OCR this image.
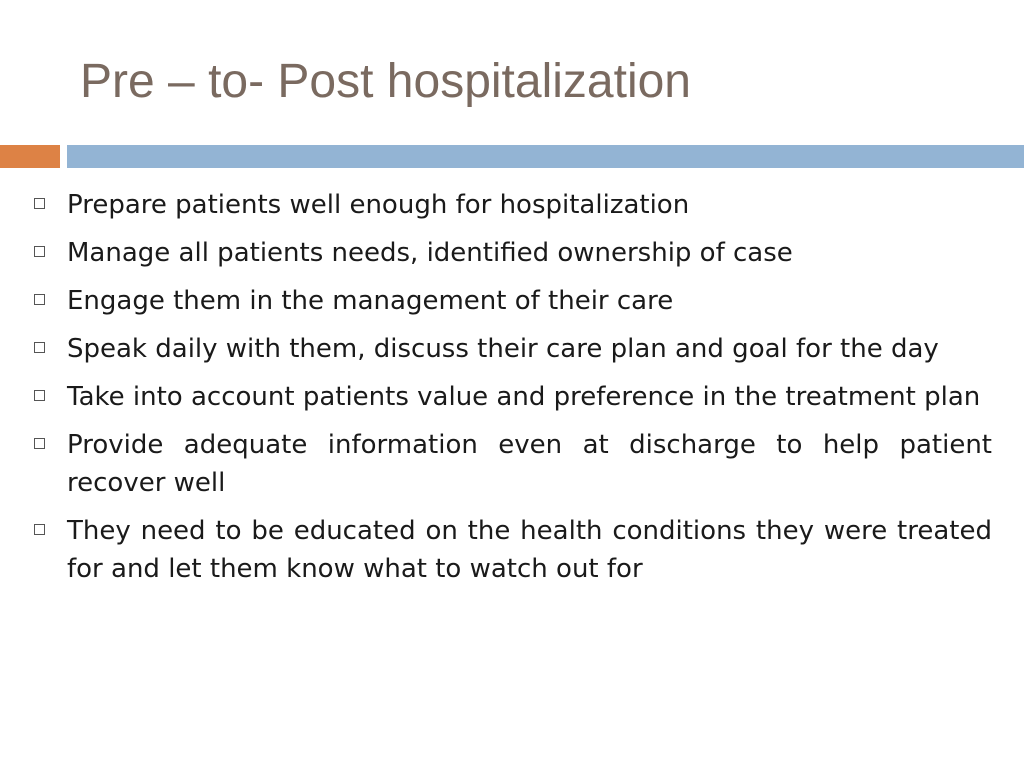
Pre – to- Post hospitalization
Prepare patients well enough for hospitalization
Manage all patients needs, identified ownership of case
Engage them in the management of their care
Speak daily with them, discuss their care plan and goal for the day
Take into account patients value and preference in the treatment plan
Provide adequate information even at discharge to help patient recover well
They need to be educated on the health conditions they were treated for and let them know what to watch out for
